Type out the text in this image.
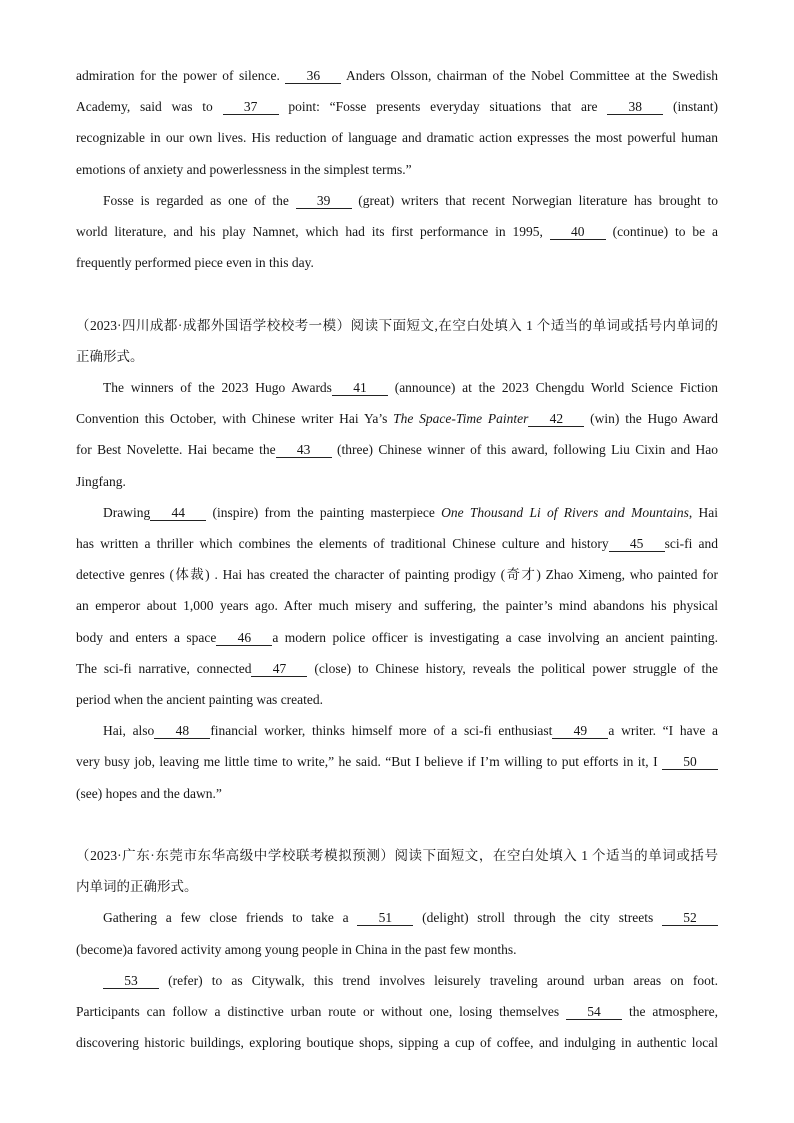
admiration for the power of silence. 36 Anders Olsson, chairman of the Nobel Committee at the Swedish
Academy, said was to 37 point: “Fosse presents everyday situations that are 38 (instant)
recognizable in our own lives. His reduction of language and dramatic action expresses the most powerful human
emotions of anxiety and powerlessness in the simplest terms.”
Fosse is regarded as one of the 39 (great) writers that recent Norwegian literature has brought to
world literature, and his play Namnet, which had its first performance in 1995, 40 (continue) to be a
frequently performed piece even in this day.
（2023·四川成都·成都外国语学校校考一模）阅读下面短文,在空白处填入 1 个适当的单词或括号内单词的
正确形式。
The winners of the 2023 Hugo Awards 41 (announce) at the 2023 Chengdu World Science Fiction
Convention this October, with Chinese writer Hai Ya’s The Space-Time Painter 42 (win) the Hugo Award
for Best Novelette. Hai became the 43 (three) Chinese winner of this award, following Liu Cixin and Hao
Jingfang.
Drawing 44 (inspire) from the painting masterpiece One Thousand Li of Rivers and Mountains, Hai
has written a thriller which combines the elements of traditional Chinese culture and history 45 sci-fi and
detective genres (体裁) . Hai has created the character of painting prodigy (奇才) Zhao Ximeng, who painted for
an emperor about 1,000 years ago. After much misery and suffering, the painter’s mind abandons his physical
body and enters a space 46 a modern police officer is investigating a case involving an ancient painting.
The sci-fi narrative, connected 47 (close) to Chinese history, reveals the political power struggle of the
period when the ancient painting was created.
Hai, also 48 financial worker, thinks himself more of a sci-fi enthusiast 49 a writer. “I have a
very busy job, leaving me little time to write,” he said. “But I believe if I’m willing to put efforts in it, I 50
(see) hopes and the dawn.”
（2023·广东·东莞市东华高级中学校联考模拟预测）阅读下面短文，在空白处填入 1 个适当的单词或括号
内单词的正确形式。
Gathering a few close friends to take a 51 (delight) stroll through the city streets 52
(become)a favored activity among young people in China in the past few months.
53 (refer) to as Citywalk, this trend involves leisurely traveling around urban areas on foot.
Participants can follow a distinctive urban route or without one, losing themselves 54 the atmosphere,
discovering historic buildings, exploring boutique shops, sipping a cup of coffee, and indulging in authentic local
